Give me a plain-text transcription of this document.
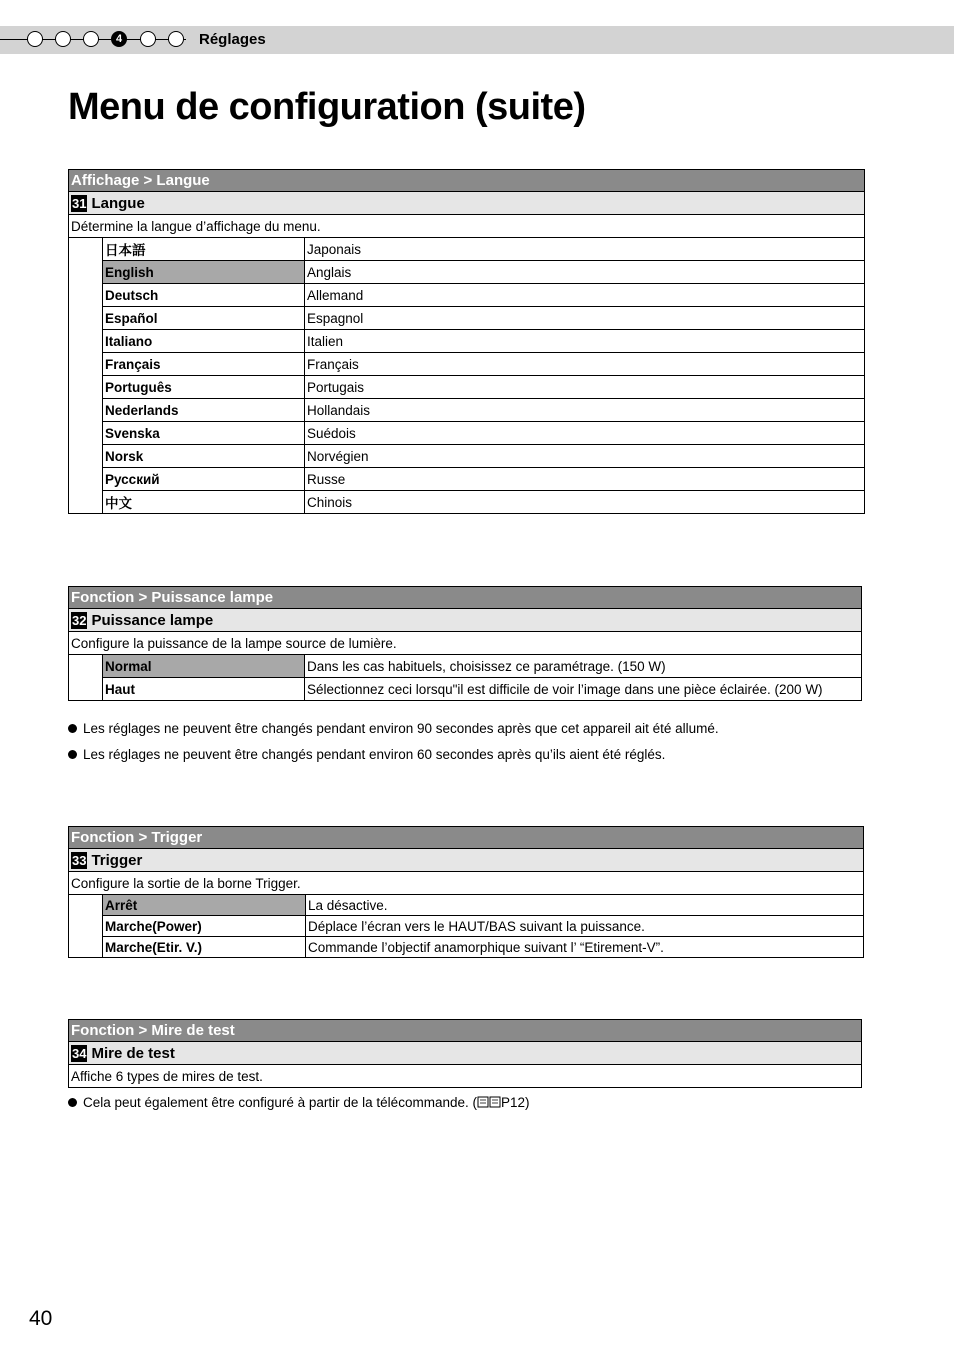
4	Réglages
Menu de configuration (suite)
Affichage > Langue		
31 Langue		
Détermine la langue d’affichage du menu.		
	日本語	Japonais
	English	Anglais
	Deutsch	Allemand
	Español	Espagnol
	Italiano	Italien
	Français	Français
	Português	Portugais
	Nederlands	Hollandais
	Svenska	Suédois
	Norsk	Norvégien
	Русский	Russe
	中文	Chinois
Fonction > Puissance lampe		
32 Puissance lampe		
Configure la puissance de la lampe source de lumière.		
	Normal	Dans les cas habituels, choisissez ce paramétrage. (150 W)
	Haut	Sélectionnez ceci lorsqu"il est difficile de voir l’image dans une pièce éclairée. (200 W)

Les réglages ne peuvent être changés pendant environ 90 secondes après que cet appareil ait été allumé.

Les réglages ne peuvent être changés pendant environ 60 secondes après qu’ils aient été réglés.

Fonction > Trigger		
33 Trigger		
Configure la sortie de la borne Trigger.		
	Arrêt	La désactive.
	Marche(Power)	Déplace l’écran vers le HAUT/BAS suivant la puissance.
	Marche(Etir. V.)	Commande l’objectif anamorphique suivant l’ “Etirement-V”.
Fonction > Mire de test
34 Mire de test
Affiche 6 types de mires de test.

Cela peut également être configuré à partir de la télécommande. ( P12)

40
